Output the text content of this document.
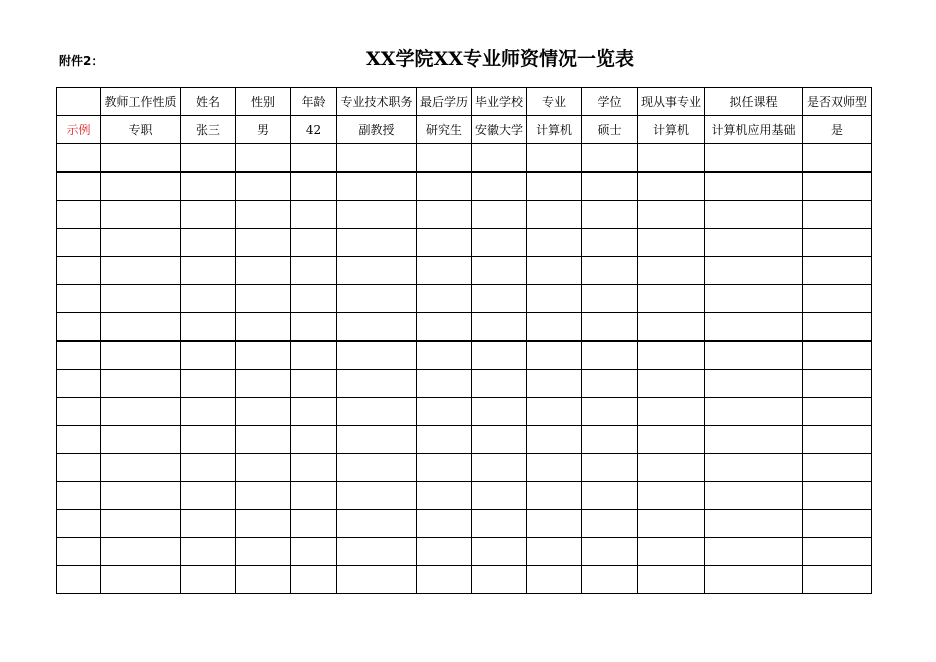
附件2：	XX学院XX专业师资情况一览表
	教师工作性质	姓名	性别	年龄	专业技术职务	最后学历	毕业学校	专业	学位	现从事专业	拟任课程	是否双师型
示例	专职	张三	男	42	副教授	研究生	安徽大学	计算机	硕士	计算机	计算机应用基础	是
